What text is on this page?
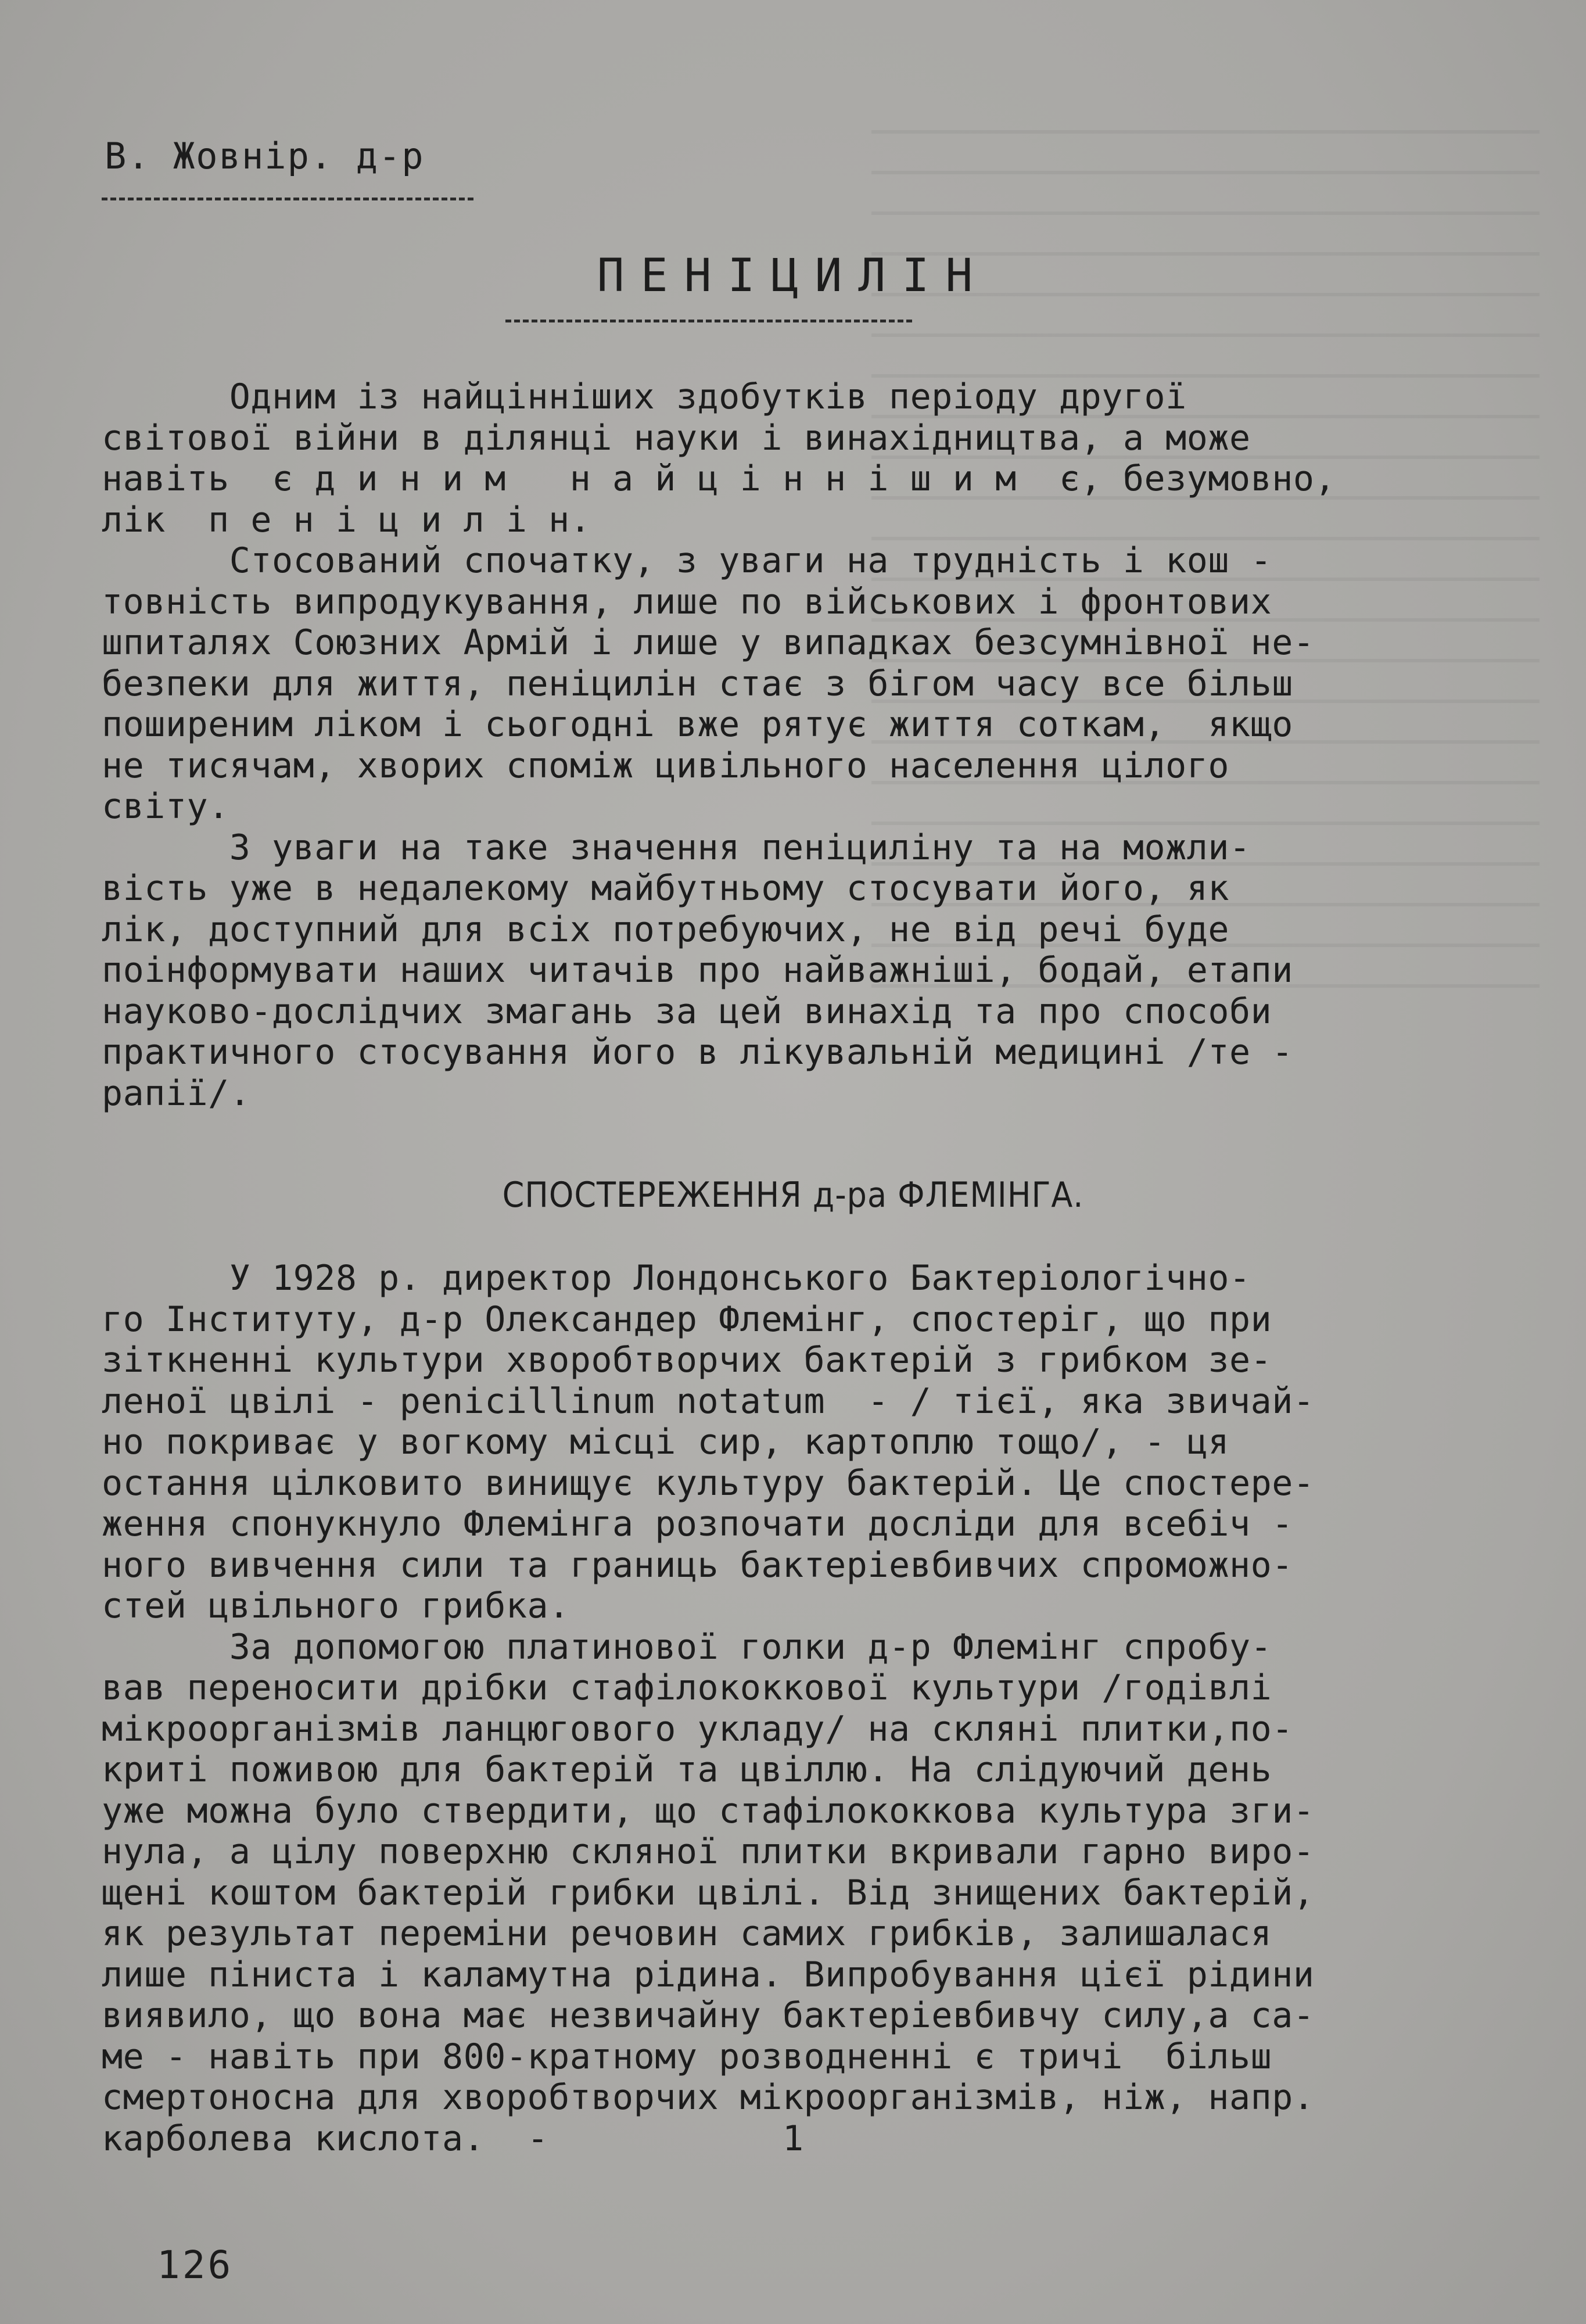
В. Жовнір. д-р
ПЕНІЦИЛІН
Одним із найцінніших здобутків періоду другої
світової війни в ділянці науки і винахідництва, а може
навіть  є д и н и м   н а й ц і н н і ш и м  є, безумовно,
лік  п е н і ц и л і н.
Стосований спочатку, з уваги на трудність і кош -
товність випродукування, лише по військових і фронтових
шпиталях Союзних Армій і лише у випадках безсумнівної не-
безпеки для життя, пеніцилін стає з бігом часу все більш
поширеним ліком і сьогодні вже рятує життя соткам,  якщо
не тисячам, хворих споміж цивільного населення цілого
світу.
З уваги на таке значення пеніциліну та на можли-
вість уже в недалекому майбутньому стосувати його, як
лік, доступний для всіх потребуючих, не від речі буде
поінформувати наших читачів про найважніші, бодай, етапи
науково-дослідчих змагань за цей винахід та про способи
практичного стосування його в лікувальній медицині /те -
рапії/.
СПОСТЕРЕЖЕННЯ д-ра ФЛЕМІНГА.
У 1928 р. директор Лондонського Бактеріологічно-
го Інституту, д-р Олександер Флемінг, спостеріг, що при
зіткненні культури хворобтворчих бактерій з грибком зе-
леної цвілі - penicillinum notatum  - / тієї, яка звичай-
но покриває у вогкому місці сир, картоплю тощо/, - ця
остання цілковито винищує культуру бактерій. Це спостере-
ження спонукнуло Флемінга розпочати досліди для всебіч -
ного вивчення сили та границь бактеріевбивчих спроможно-
стей цвільного грибка.
За допомогою платинової голки д-р Флемінг спробу-
вав переносити дрібки стафілококкової культури /годівлі
мікроорганізмів ланцюгового укладу/ на скляні плитки,по-
криті поживою для бактерій та цвіллю. На слідуючий день
уже можна було ствердити, що стафілококкова культура зги-
нула, а цілу поверхню скляної плитки вкривали гарно виро-
щені коштом бактерій грибки цвілі. Від знищених бактерій,
як результат переміни речовин самих грибків, залишалася
лише піниста і каламутна рідина. Випробування цієї рідини
виявило, що вона має незвичайну бактеріевбивчу силу,а са-
ме - навіть при 800-кратному розводненні є тричі  більш
смертоносна для хворобтворчих мікроорганізмів, ніж, напр.
карболева кислота.  -           1
126
